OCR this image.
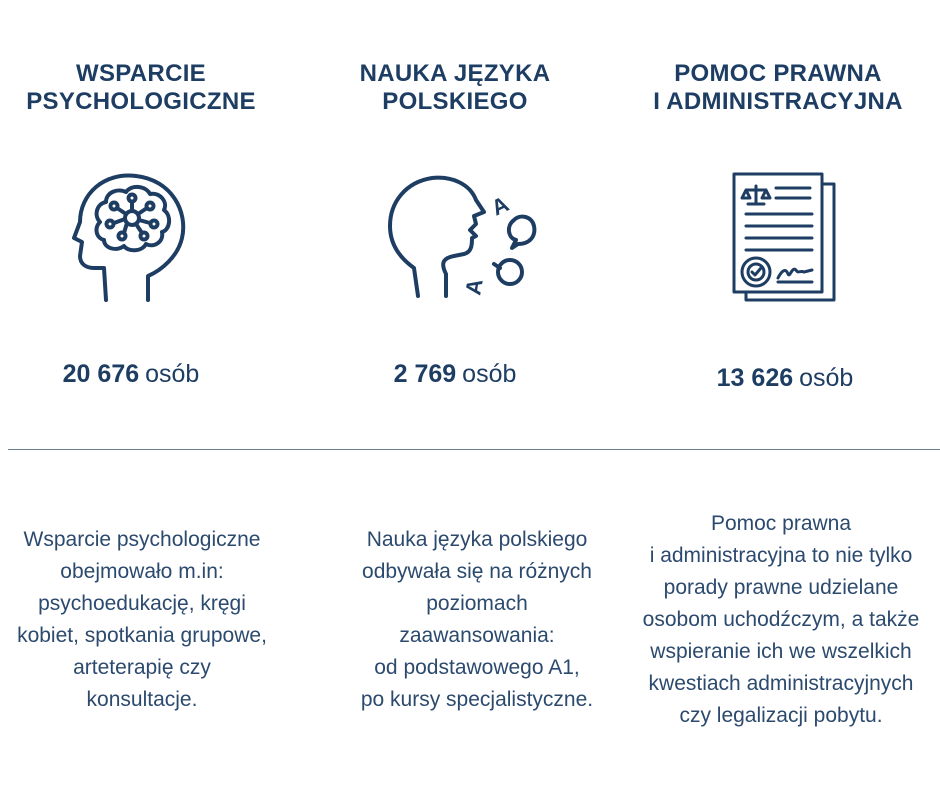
WSPARCIE
PSYCHOLOGICZNE
NAUKA JĘZYKA
POLSKIEGO
POMOC PRAWNA
I ADMINISTRACYJNA
A
A
20 676 osób	2 769 osób	13 626 osób
Wsparcie psychologiczne
obejmowało m.in:
psychoedukację, kręgi
kobiet, spotkania grupowe,
arteterapię czy
konsultacje.
Nauka języka polskiego
odbywała się na różnych
poziomach
zaawansowania:
od podstawowego A1,
po kursy specjalistyczne.
Pomoc prawna
i administracyjna to nie tylko
porady prawne udzielane
osobom uchodźczym, a także
wspieranie ich we wszelkich
kwestiach administracyjnych
czy legalizacji pobytu.
